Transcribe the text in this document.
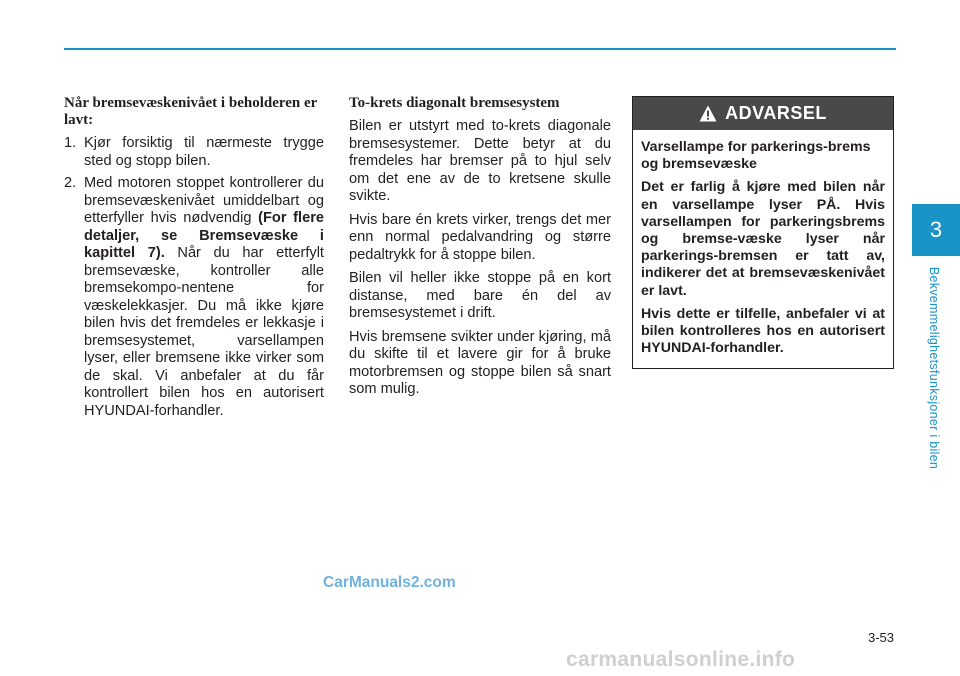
Når bremsevæskenivået i beholderen er lavt:

1. Kjør forsiktig til nærmeste trygge sted og stopp bilen.
2. Med motoren stoppet kontrollerer du bremsevæskenivået umiddelbart og etterfyller hvis nødvendig (For flere detaljer, se Bremsevæske i kapittel 7). Når du har etterfylt bremsevæske, kontroller alle bremsekompo-nentene for væskelekkasjer. Du må ikke kjøre bilen hvis det fremdeles er lekkasje i bremsesystemet, varsellampen lyser, eller bremsene ikke virker som de skal. Vi anbefaler at du får kontrollert bilen hos en autorisert HYUNDAI-forhandler.

To-krets diagonalt bremsesystem

Bilen er utstyrt med to-krets diagonale bremsesystemer. Dette betyr at du fremdeles har bremser på to hjul selv om det ene av de to kretsene skulle svikte.

Hvis bare én krets virker, trengs det mer enn normal pedalvandring og større pedaltrykk for å stoppe bilen.

Bilen vil heller ikke stoppe på en kort distanse, med bare én del av bremsesystemet i drift.

Hvis bremsene svikter under kjøring, må du skifte til et lavere gir for å bruke motorbremsen og stoppe bilen så snart som mulig.

ADVARSEL

Varsellampe for parkerings-brems og bremsevæske

Det er farlig å kjøre med bilen når en varsellampe lyser PÅ. Hvis varsellampen for parkeringsbrems og bremse-væske lyser når parkerings-bremsen er tatt av, indikerer det at bremsevæskenivået er lavt.

Hvis dette er tilfelle, anbefaler vi at bilen kontrolleres hos en autorisert HYUNDAI-forhandler.

3
Bekvemmelighetsfunksjoner i bilen
3-53
CarManuals2.com
carmanualsonline.info
